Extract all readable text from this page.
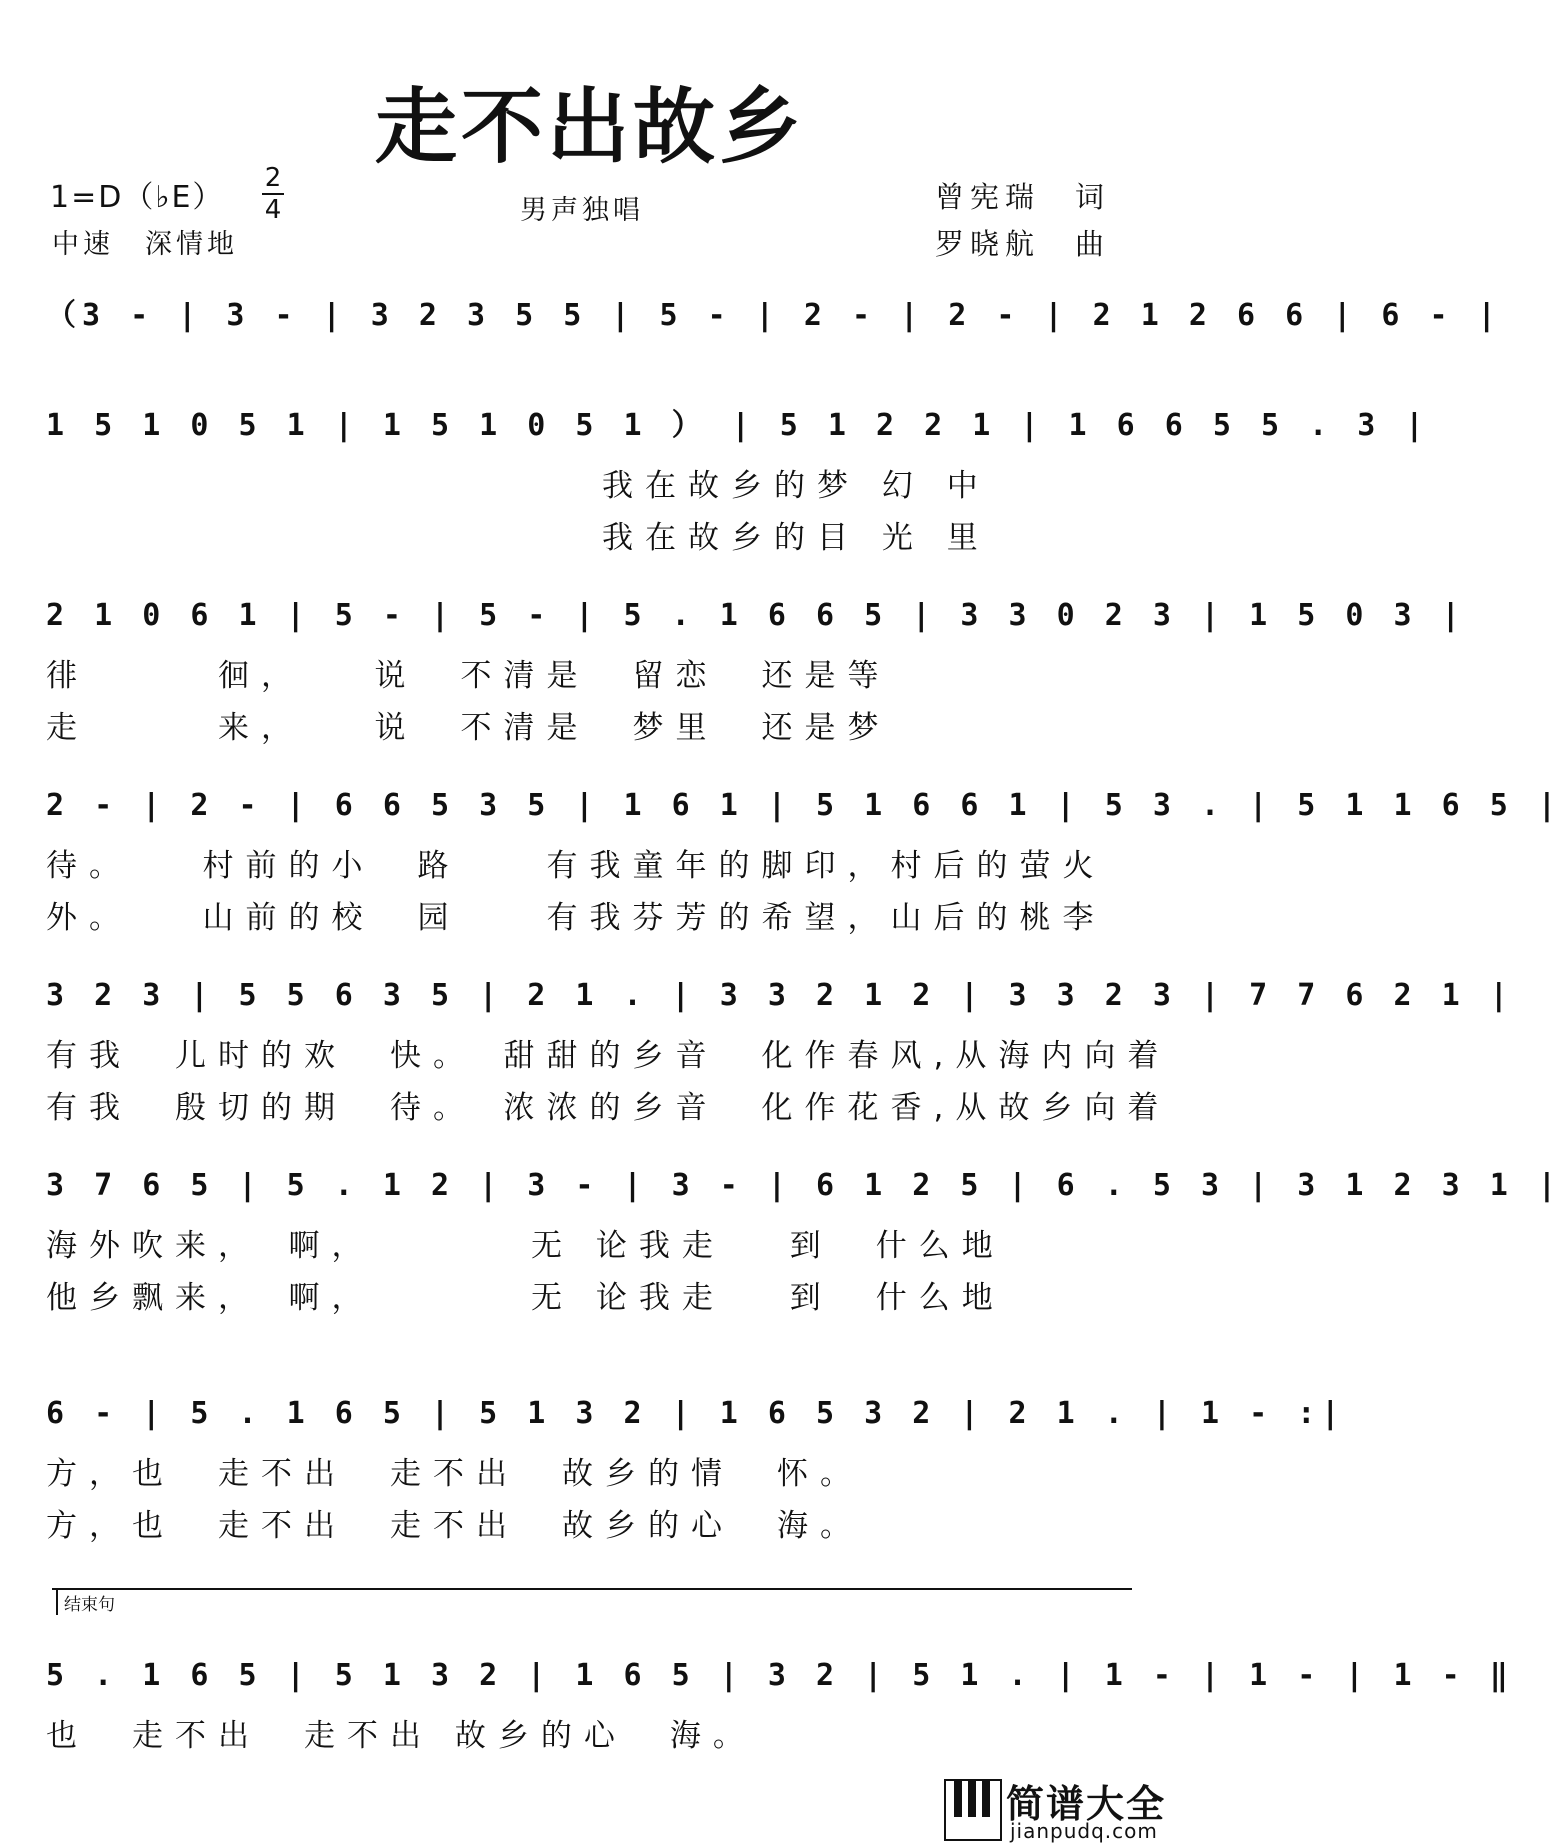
走不出故乡
1=D（♭E）
2
4
中速　深情地
男声独唱	曾宪瑞　词
罗晓航　曲
（3 - | 3 - | 3 2 3 5 5 | 5 - | 2 - | 2 - | 2 1 2 6 6 | 6 - |
1 5 1 0 5 1 | 1 5 1 0 5 1 ） | 5 1 2 2 1 | 1 6 6 5 5 . 3 |
我在故乡的梦 幻 中
我在故乡的目 光 里
2 1 0 6 1 | 5 - | 5 - | 5 . 1 6 6 5 | 3 3 0 2 3 | 1 5 0 3 |
徘　　　徊，　　说　不清是　留恋　还是等
走　　　来，　　说　不清是　梦里　还是梦
2 - | 2 - | 6 6 5 3 5 | 1 6 1 | 5 1 6 6 1 | 5 3 . | 5 1 1 6 5 |
待。　　村前的小　路　　有我童年的脚印，村后的萤火
外。　　山前的校　园　　有我芬芳的希望，山后的桃李
3 2 3 | 5 5 6 3 5 | 2 1 . | 3 3 2 1 2 | 3 3 2 3 | 7 7 6 2 1 |
有我　儿时的欢　快。　甜甜的乡音　化作春风,从海内向着
有我　殷切的期　待。　浓浓的乡音　化作花香,从故乡向着
3 7 6 5 | 5 . 1 2 | 3 - | 3 - | 6 1 2 5 | 6 . 5 3 | 3 1 2 3 1 |
海外吹来，　啊，　　　　无 论我走　 到　什么地
他乡飘来，　啊，　　　　无 论我走　 到　什么地
6 - | 5 . 1 6 5 | 5 1 3 2 | 1 6 5 3 2 | 2 1 . | 1 - :|
方，也　走不出　走不出　故乡的情　怀。
方，也　走不出　走不出　故乡的心　海。
结束句
5 . 1 6 5 | 5 1 3 2 | 1 6 5 | 3 2 | 5 1 . | 1 - | 1 - | 1 - ‖
也　走不出　走不出 故乡的心　海。
简谱大全
jianpudq.com
